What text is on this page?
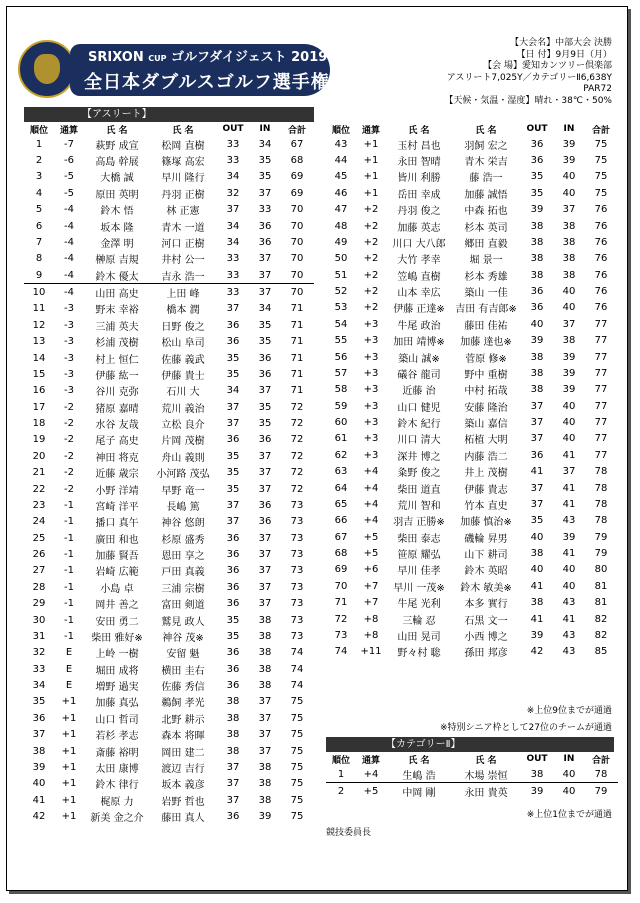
SRIXON CUP ゴルフダイジェスト 2019
全日本ダブルスゴルフ選手権
【大会名】中部大会 決勝
【日 付】9月9日（月）
【会 場】愛知カンツリー倶楽部
アスリート7,025Y／カテゴリーⅡ6,638Y
PAR72
【天候・気温・湿度】晴れ・38℃・50%
【アスリート】
順位	通算	氏 名	氏 名	OUT	IN	合計
1	-7	萩野 成宣	松岡 直樹	33	34	67
2	-6	高島 幹展	篠塚 高宏	33	35	68
3	-5	大橋 誠	早川 隆行	34	35	69
4	-5	原田 英明	丹羽 正樹	32	37	69
5	-4	鈴木 悟	林 正憲	37	33	70
6	-4	坂本 隆	青木 一道	34	36	70
7	-4	金澤 明	河口 正樹	34	36	70
8	-4	榊原 吉規	井村 公一	33	37	70
9	-4	鈴木 優太	吉永 浩一	33	37	70
10	-4	山田 高史	上田 峰	33	37	70
11	-3	野末 幸裕	橋本 潤	37	34	71
12	-3	三浦 英夫	日野 俊之	36	35	71
13	-3	杉浦 茂樹	松山 阜司	36	35	71
14	-3	村上 恒仁	佐藤 義武	35	36	71
15	-3	伊藤 紘一	伊藤 貴士	35	36	71
16	-3	谷川 克弥	石川 大	34	37	71
17	-2	猪原 嘉晴	荒川 義治	37	35	72
18	-2	水谷 友哉	立松 良介	37	35	72
19	-2	尾子 高史	片岡 茂樹	36	36	72
20	-2	神田 将克	舟山 義則	35	37	72
21	-2	近藤 歳宗	小河路 茂弘	35	37	72
22	-2	小野 洋靖	早野 竜一	35	37	72
23	-1	宮崎 洋平	長嶋 篤	37	36	73
24	-1	播口 真午	神谷 悠朗	37	36	73
25	-1	廣田 和也	杉原 盛秀	36	37	73
26	-1	加藤 賢吾	恩田 享之	36	37	73
27	-1	岩崎 広範	戸田 真義	36	37	73
28	-1	小島 卓	三浦 宗樹	36	37	73
29	-1	岡井 善之	富田 剣道	36	37	73
30	-1	安田 勇二	鷲見 政人	35	38	73
31	-1	柴田 雅好※	神谷 茂※	35	38	73
32	E	上岭 一樹	安留 魁	36	38	74
33	E	堀田 成将	横田 圭右	36	38	74
34	E	増野 過実	佐藤 秀信	36	38	74
35	+1	加藤 真弘	鵜飼 孝光	38	37	75
36	+1	山口 哲司	北野 耕示	38	37	75
37	+1	若杉 孝志	森本 将暉	38	37	75
38	+1	斎藤 裕明	岡田 建二	38	37	75
39	+1	太田 康博	渡辺 吉行	37	38	75
40	+1	鈴木 律行	坂本 義彦	37	38	75
41	+1	梶原 力	岩野 哲也	37	38	75
42	+1	新美 金之介	藤田 真人	36	39	75
順位	通算	氏 名	氏 名	OUT	IN	合計
43	+1	玉村 昌也	羽飼 宏之	36	39	75
44	+1	永田 智晴	青木 栄吉	36	39	75
45	+1	皆川 利勝	藤 浩一	35	40	75
46	+1	岳田 幸成	加藤 誠悟	35	40	75
47	+2	丹羽 俊之	中森 拓也	39	37	76
48	+2	加藤 英志	杉本 英司	38	38	76
49	+2	川口 大八郎	郷田 直毅	38	38	76
50	+2	大竹 孝幸	堀 景一	38	38	76
51	+2	笠嶋 直樹	杉本 秀雄	38	38	76
52	+2	山本 幸広	築山 一佳	36	40	76
53	+2	伊藤 正達※	吉田 有吉郎※	36	40	76
54	+3	牛尾 政治	藤田 佳祐	40	37	77
55	+3	加田 靖博※	加藤 達也※	39	38	77
56	+3	築山 誠※	菅原 修※	38	39	77
57	+3	礒谷 龍司	野中 重樹	38	39	77
58	+3	近藤 治	中村 拓哉	38	39	77
59	+3	山口 健児	安藤 隆治	37	40	77
60	+3	鈴木 紀行	築山 嘉信	37	40	77
61	+3	川口 清大	柘植 大明	37	40	77
62	+3	深井 博之	内藤 浩二	36	41	77
63	+4	粂野 俊之	井上 茂樹	41	37	78
64	+4	柴田 道直	伊藤 貴志	37	41	78
65	+4	荒川 智和	竹本 直史	37	41	78
66	+4	羽吉 正勝※	加藤 慎治※	35	43	78
67	+5	柴田 泰志	磯輪 昇男	40	39	79
68	+5	笹原 耀弘	山下 耕司	38	41	79
69	+6	早川 佳孝	鈴木 英昭	40	40	80
70	+7	早川 一茂※	鈴木 敏美※	41	40	81
71	+7	牛尾 光利	本多 實行	38	43	81
72	+8	三輪 忍	石黒 文一	41	41	82
73	+8	山田 晃司	小西 博之	39	43	82
74	+11	野々村 聡	孫田 邦彦	42	43	85
※上位9位までが通過
※特別シニア枠として27位のチームが通過
【カテゴリーⅡ】
順位	通算	氏 名	氏 名	OUT	IN	合計
1	+4	生嶋 浩	木場 崇恒	38	40	78
2	+5	中岡 剛	永田 貴英	39	40	79
※上位1位までが通過
競技委員長
